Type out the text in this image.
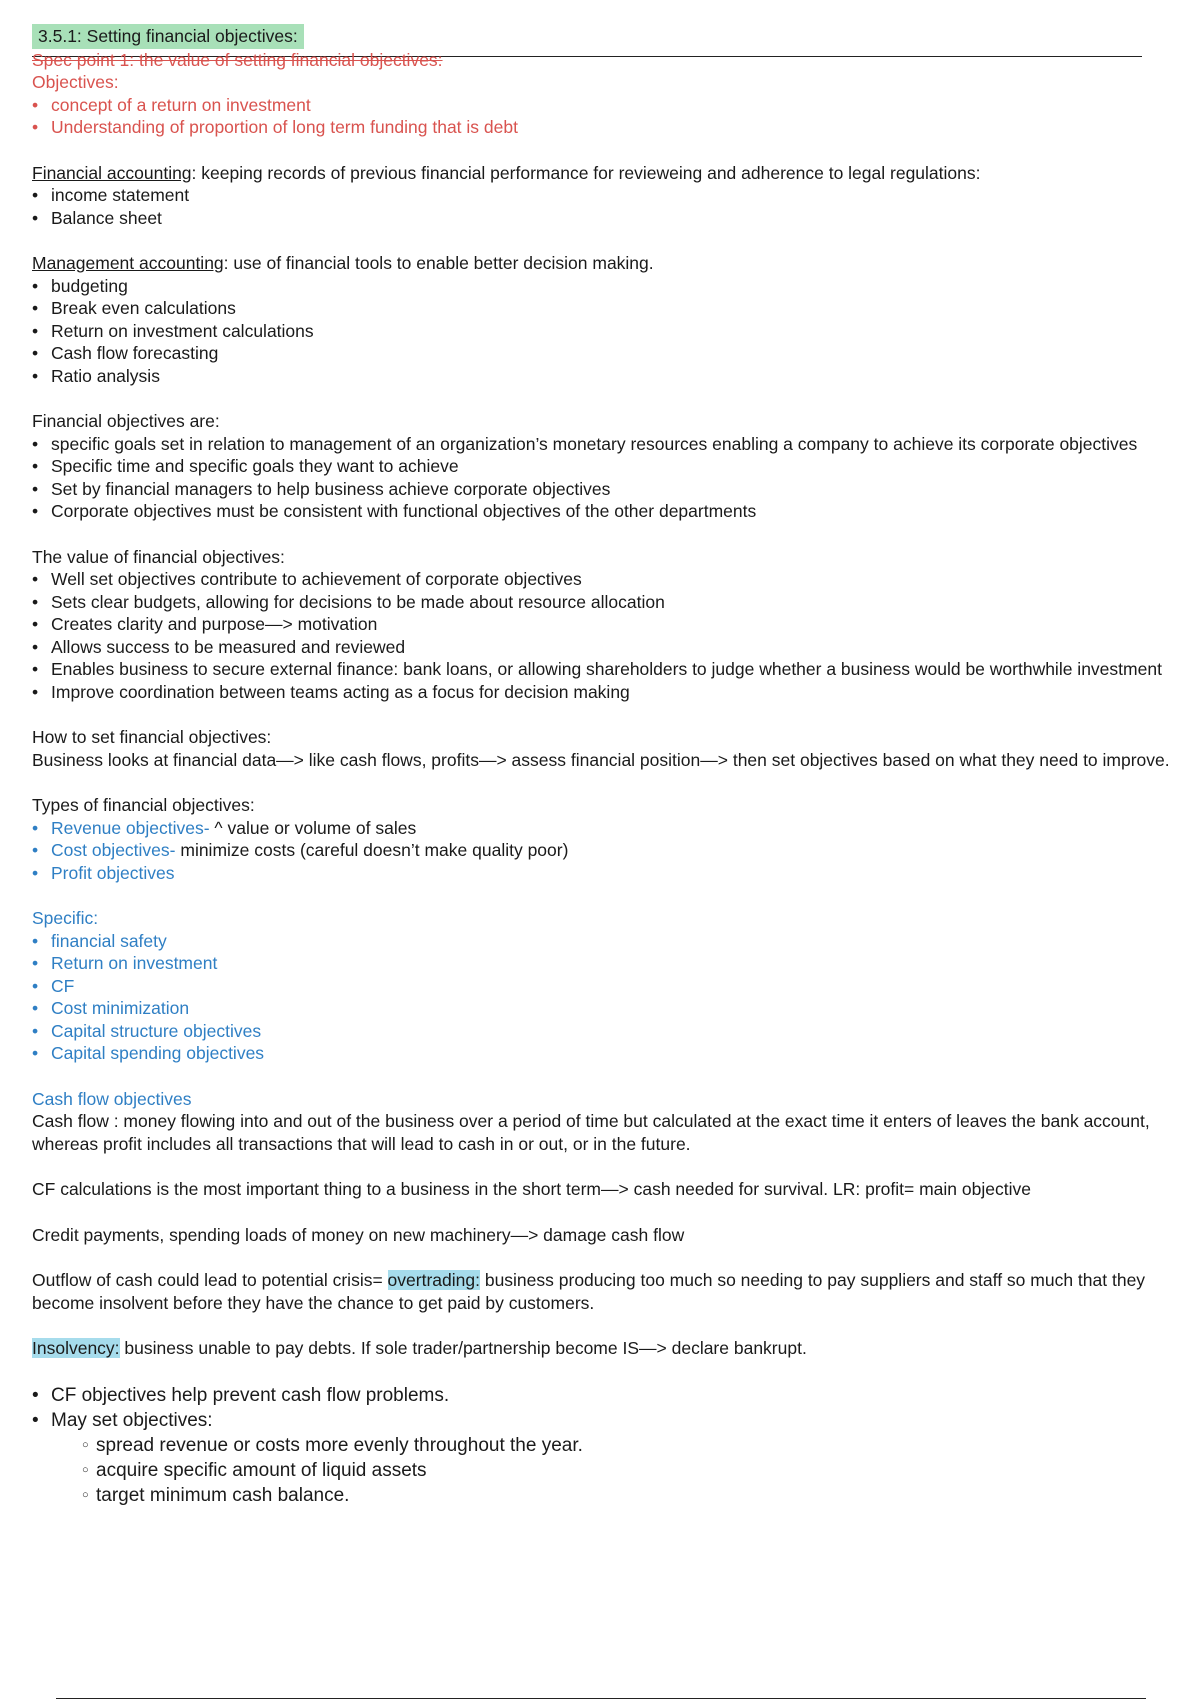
3.5.1: Setting financial objectives:
Spec point 1: the value of setting financial objectives:
Objectives:
• concept of a return on investment
• Understanding of proportion of long term funding that is debt
Financial accounting: keeping records of previous financial performance for revieweing and adherence to legal regulations:
• income statement
• Balance sheet
Management accounting: use of financial tools to enable better decision making.
• budgeting
• Break even calculations
• Return on investment calculations
• Cash flow forecasting
• Ratio analysis
Financial objectives are:
• specific goals set in relation to management of an organization’s monetary resources enabling a company to achieve its corporate objectives
• Specific time and specific goals they want to achieve
• Set by financial managers to help business achieve corporate objectives
• Corporate objectives must be consistent with functional objectives of the other departments
The value of financial objectives:
• Well set objectives contribute to achievement of corporate objectives
• Sets clear budgets, allowing for decisions to be made about resource allocation
• Creates clarity and purpose—> motivation
• Allows success to be measured and reviewed
• Enables business to secure external finance: bank loans, or allowing shareholders to judge whether a business would be worthwhile investment
• Improve coordination between teams acting as a focus for decision making
How to set financial objectives:
Business looks at financial data—> like cash flows, profits—> assess financial position—> then set objectives based on what they need to improve.
Types of financial objectives:
• Revenue objectives- ^ value or volume of sales
• Cost objectives- minimize costs (careful doesn’t make quality poor)
• Profit objectives
Specific:
• financial safety
• Return on investment
• CF
• Cost minimization
• Capital structure objectives
• Capital spending objectives
Cash flow objectives
Cash flow : money flowing into and out of the business over a period of time but calculated at the exact time it enters of leaves the bank account, whereas profit includes all transactions that will lead to cash in or out, or in the future.
CF calculations is the most important thing to a business in the short term—> cash needed for survival. LR: profit= main objective
Credit payments, spending loads of money on new machinery—> damage cash flow
Outflow of cash could lead to potential crisis= overtrading: business producing too much so needing to pay suppliers and staff so much that they become insolvent before they have the chance to get paid by customers.
Insolvency: business unable to pay debts. If sole trader/partnership become IS—> declare bankrupt.
• CF objectives help prevent cash flow problems.
• May set objectives:
○ spread revenue or costs more evenly throughout the year.
○ acquire specific amount of liquid assets
○ target minimum cash balance.
